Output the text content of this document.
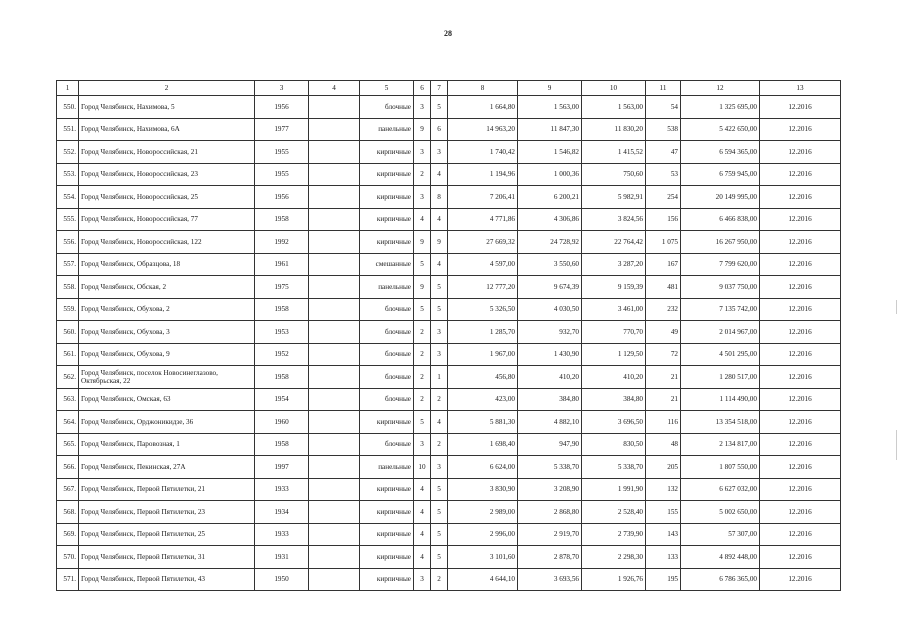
28
1	2	3	4	5	6	7	8	9	10	11	12	13
550.	Город Челябинск, Нахимова, 5	1956		блочные	3	5	1 664,80	1 563,00	1 563,00	54	1 325 695,00	12.2016
551.	Город Челябинск, Нахимова, 6А	1977		панельные	9	6	14 963,20	11 847,30	11 830,20	538	5 422 650,00	12.2016
552.	Город Челябинск, Новороссийская, 21	1955		кирпичные	3	3	1 740,42	1 546,82	1 415,52	47	6 594 365,00	12.2016
553.	Город Челябинск, Новороссийская, 23	1955		кирпичные	2	4	1 194,96	1 000,36	750,60	53	6 759 945,00	12.2016
554.	Город Челябинск, Новороссийская, 25	1956		кирпичные	3	8	7 206,41	6 200,21	5 982,91	254	20 149 995,00	12.2016
555.	Город Челябинск, Новороссийская, 77	1958		кирпичные	4	4	4 771,86	4 306,86	3 824,56	156	6 466 838,00	12.2016
556.	Город Челябинск, Новороссийская, 122	1992		кирпичные	9	9	27 669,32	24 728,92	22 764,42	1 075	16 267 950,00	12.2016
557.	Город Челябинск, Образцова, 18	1961		смешанные	5	4	4 597,00	3 550,60	3 287,20	167	7 799 620,00	12.2016
558.	Город Челябинск, Обская, 2	1975		панельные	9	5	12 777,20	9 674,39	9 159,39	481	9 037 750,00	12.2016
559.	Город Челябинск, Обухова, 2	1958		блочные	5	5	5 326,50	4 030,50	3 461,00	232	7 135 742,00	12.2016
560.	Город Челябинск, Обухова, 3	1953		блочные	2	3	1 285,70	932,70	770,70	49	2 014 967,00	12.2016
561.	Город Челябинск, Обухова, 9	1952		блочные	2	3	1 967,00	1 430,90	1 129,50	72	4 501 295,00	12.2016
562.	Город Челябинск, поселок Новосинеглазово, Октябрьская, 22	1958		блочные	2	1	456,80	410,20	410,20	21	1 280 517,00	12.2016
563.	Город Челябинск, Омская, 63	1954		блочные	2	2	423,00	384,80	384,80	21	1 114 490,00	12.2016
564.	Город Челябинск, Орджоникидзе, 36	1960		кирпичные	5	4	5 881,30	4 882,10	3 696,50	116	13 354 518,00	12.2016
565.	Город Челябинск, Паровозная, 1	1958		блочные	3	2	1 698,40	947,90	830,50	48	2 134 817,00	12.2016
566.	Город Челябинск, Пекинская, 27А	1997		панельные	10	3	6 624,00	5 338,70	5 338,70	205	1 807 550,00	12.2016
567.	Город Челябинск, Первой Пятилетки, 21	1933		кирпичные	4	5	3 830,90	3 208,90	1 991,90	132	6 627 032,00	12.2016
568.	Город Челябинск, Первой Пятилетки, 23	1934		кирпичные	4	5	2 989,00	2 868,80	2 528,40	155	5 002 650,00	12.2016
569.	Город Челябинск, Первой Пятилетки, 25	1933		кирпичные	4	5	2 996,00	2 919,70	2 739,90	143	57 307,00	12.2016
570.	Город Челябинск, Первой Пятилетки, 31	1931		кирпичные	4	5	3 101,60	2 878,70	2 298,30	133	4 892 448,00	12.2016
571.	Город Челябинск, Первой Пятилетки, 43	1950		кирпичные	3	2	4 644,10	3 693,56	1 926,76	195	6 786 365,00	12.2016
